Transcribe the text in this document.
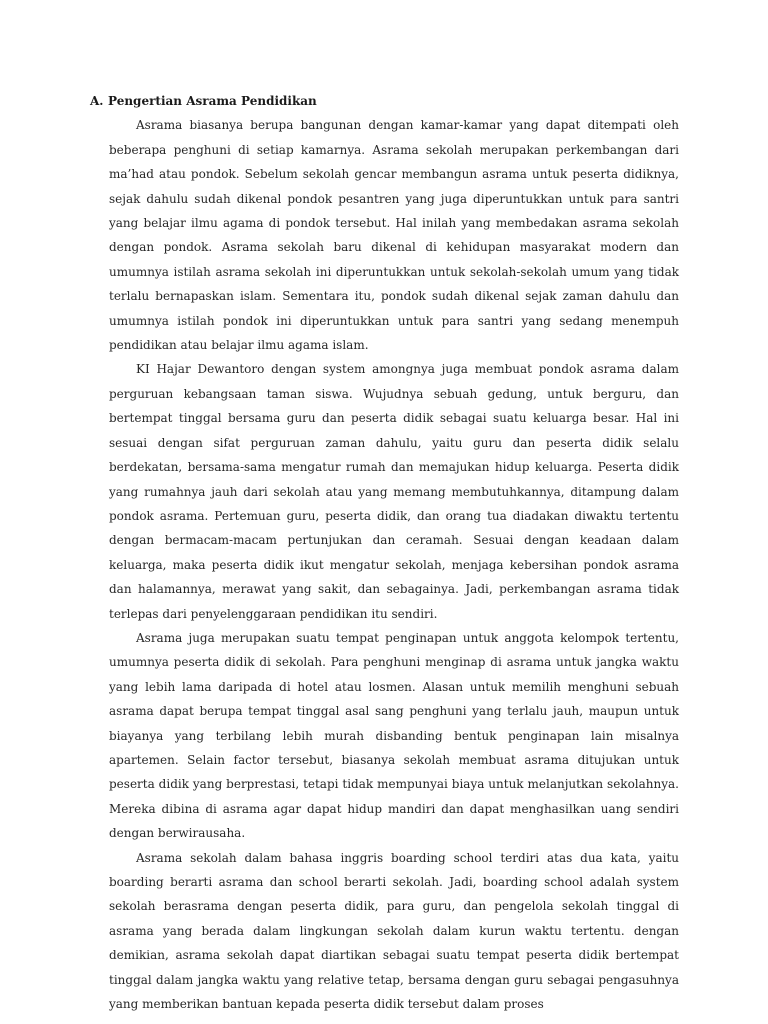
A. Pengertian Asrama Pendidikan

Asrama biasanya berupa bangunan dengan kamar-kamar yang dapat ditempati oleh beberapa penghuni di setiap kamarnya. Asrama sekolah merupakan perkembangan dari ma’had atau pondok. Sebelum sekolah gencar membangun asrama untuk peserta didiknya, sejak dahulu sudah dikenal pondok pesantren yang juga diperuntukkan untuk para santri yang belajar ilmu agama di pondok tersebut. Hal inilah yang membedakan asrama sekolah dengan pondok. Asrama sekolah baru dikenal di kehidupan masyarakat modern dan umumnya istilah asrama sekolah ini diperuntukkan untuk sekolah-sekolah umum yang tidak terlalu bernapaskan islam. Sementara itu, pondok sudah dikenal sejak zaman dahulu dan umumnya istilah pondok ini diperuntukkan untuk para santri yang sedang menempuh pendidikan atau belajar ilmu agama islam.

KI Hajar Dewantoro dengan system amongnya juga membuat pondok asrama dalam perguruan kebangsaan taman siswa. Wujudnya sebuah gedung, untuk berguru, dan bertempat tinggal bersama guru dan peserta didik sebagai suatu keluarga besar. Hal ini sesuai dengan sifat perguruan zaman dahulu, yaitu guru dan peserta didik selalu berdekatan, bersama-sama mengatur rumah dan memajukan hidup keluarga. Peserta didik yang rumahnya jauh dari sekolah atau yang memang membutuhkannya, ditampung dalam pondok asrama. Pertemuan guru, peserta didik, dan orang tua diadakan diwaktu tertentu dengan bermacam-macam pertunjukan dan ceramah. Sesuai dengan keadaan dalam keluarga, maka peserta didik ikut mengatur sekolah, menjaga kebersihan pondok asrama dan halamannya, merawat yang sakit, dan sebagainya. Jadi, perkembangan asrama tidak terlepas dari penyelenggaraan pendidikan itu sendiri.

Asrama juga merupakan suatu tempat penginapan untuk anggota kelompok tertentu, umumnya peserta didik di sekolah. Para penghuni menginap di asrama untuk jangka waktu yang lebih lama daripada di hotel atau losmen. Alasan untuk memilih menghuni sebuah asrama dapat berupa tempat tinggal asal sang penghuni yang terlalu jauh, maupun untuk biayanya yang terbilang lebih murah disbanding bentuk penginapan lain misalnya apartemen. Selain factor tersebut, biasanya sekolah membuat asrama ditujukan untuk peserta didik yang berprestasi, tetapi tidak mempunyai biaya untuk melanjutkan sekolahnya. Mereka dibina di asrama agar dapat hidup mandiri dan dapat menghasilkan uang sendiri dengan berwirausaha.

Asrama sekolah dalam bahasa inggris boarding school terdiri atas dua kata, yaitu boarding berarti asrama dan school berarti sekolah. Jadi, boarding school adalah system sekolah berasrama dengan peserta didik, para guru, dan pengelola sekolah tinggal di asrama yang berada dalam lingkungan sekolah dalam kurun waktu tertentu. dengan demikian, asrama sekolah dapat diartikan sebagai suatu tempat peserta didik bertempat tinggal dalam jangka waktu yang relative tetap, bersama dengan guru sebagai pengasuhnya yang memberikan bantuan kepada peserta didik tersebut dalam proses
